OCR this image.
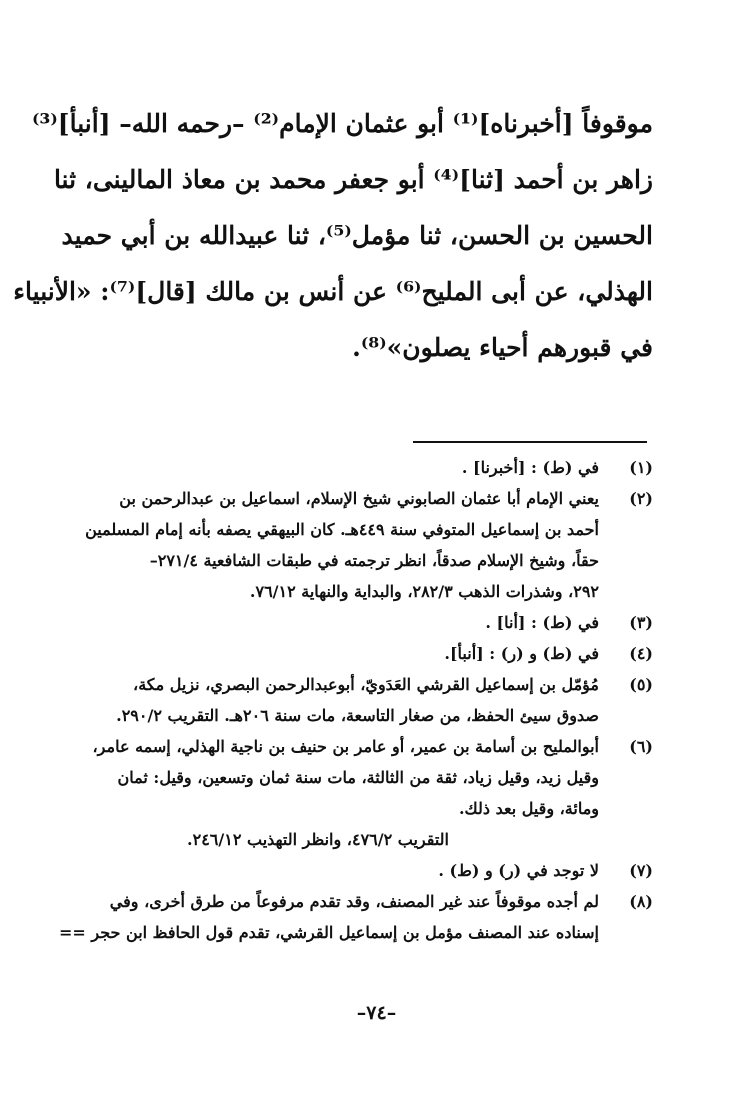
موقوفاً [أخبرناه]⁽¹⁾ أبو عثمان الإمام⁽²⁾ –رحمه الله– [أنبأ]⁽³⁾
زاهر بن أحمد [ثنا]⁽⁴⁾ أبو جعفر محمد بن معاذ المالينى، ثنا
الحسين بن الحسن، ثنا مؤمل⁽⁵⁾، ثنا عبيدالله بن أبي حميد
الهذلي، عن أبى المليح⁽⁶⁾ عن أنس بن مالك [قال]⁽⁷⁾: «الأنبياء
في قبورهم أحياء يصلون»⁽⁸⁾.
(١)
في (ط) : [أخبرنا] .
(٢)
يعني الإمام أبا عثمان الصابوني شيخ الإسلام، اسماعيل بن عبدالرحمن بن
أحمد بن إسماعيل المتوفي سنة ٤٤٩هـ. كان البيهقي يصفه بأنه إمام المسلمين
حقاً، وشيخ الإسلام صدقاً، انظر ترجمته في طبقات الشافعية ٢٧١/٤–
٢٩٢، وشذرات الذهب ٢٨٢/٣، والبداية والنهاية ٧٦/١٢.
(٣)
في (ط) : [أنا] .
(٤)
في (ط) و (ر) : [أنبأ].
(٥)
مُؤمّل بن إسماعيل القرشي العَدَويّ، أبوعبدالرحمن البصري، نزيل مكة،
صدوق سيئ الحفظ، من صغار التاسعة، مات سنة ٢٠٦هـ. التقريب ٢٩٠/٢.
(٦)
أبوالمليح بن أسامة بن عمير، أو عامر بن حنيف بن ناجية الهذلي، إسمه عامر،
وقيل زيد، وقيل زياد، ثقة من الثالثة، مات سنة ثمان وتسعين، وقيل: ثمان
ومائة، وقيل بعد ذلك.
التقريب ٤٧٦/٢، وانظر التهذيب ٢٤٦/١٢.
(٧)
لا توجد في (ر) و (ط) .
(٨)
لم أجده موقوفاً عند غير المصنف، وقد تقدم مرفوعاً من طرق أخرى، وفي
إسناده عند المصنف مؤمل بن إسماعيل القرشي، تقدم قول الحافظ ابن حجر ==
–٧٤–
